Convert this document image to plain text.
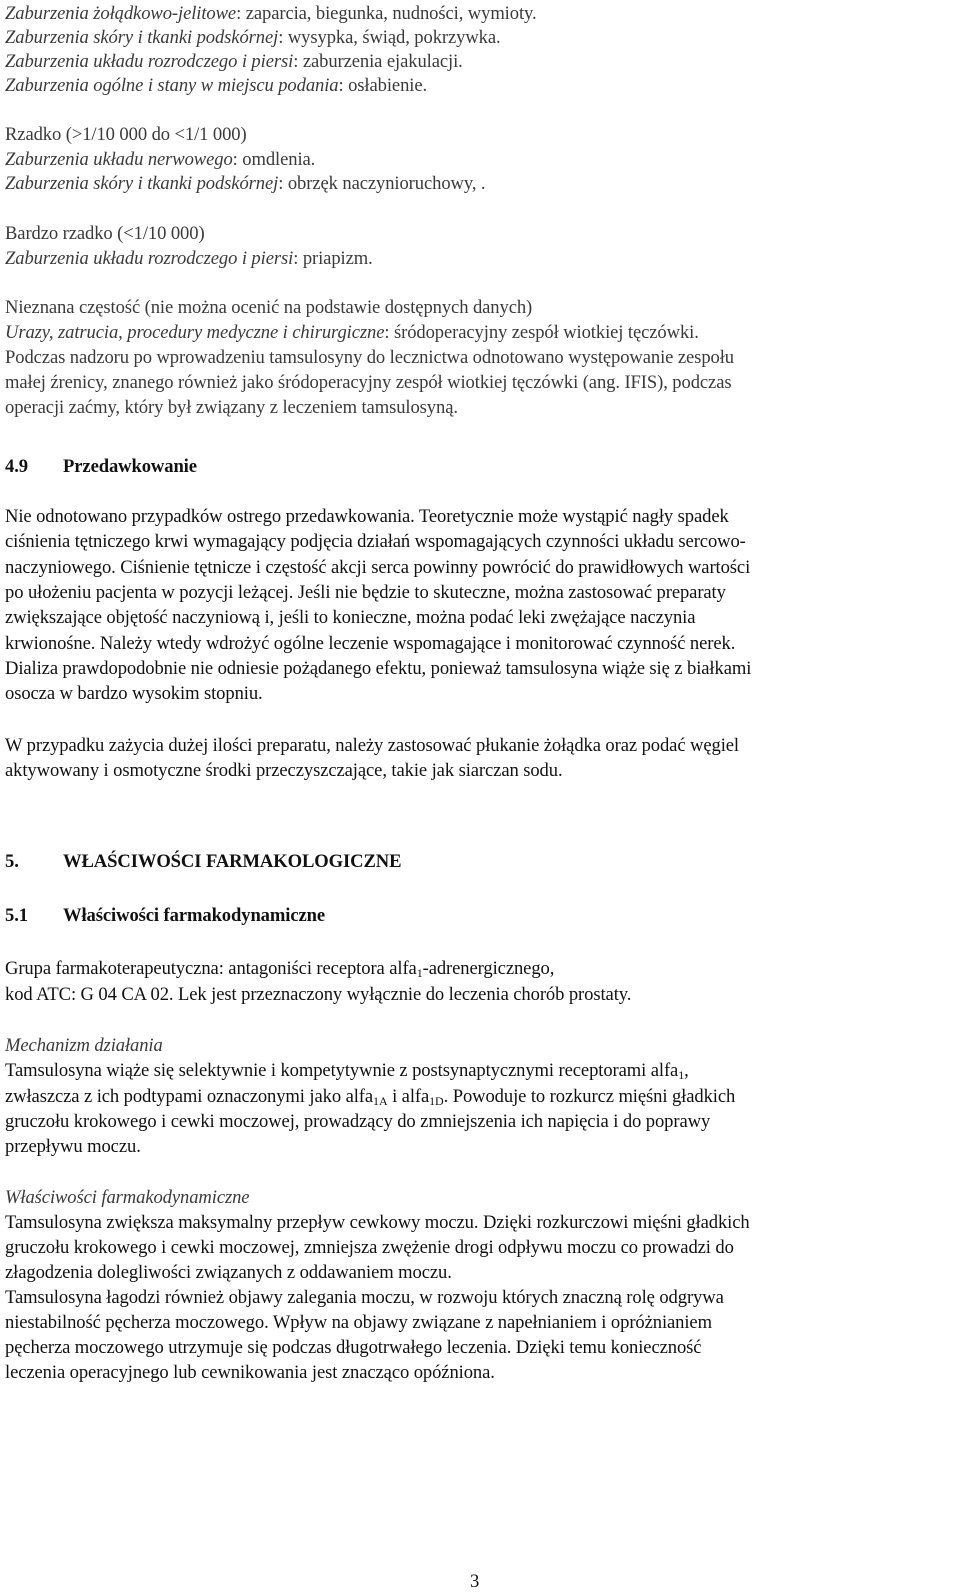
Zaburzenia żołądkowo-jelitowe: zaparcia, biegunka, nudności, wymioty.
Zaburzenia skóry i tkanki podskórnej: wysypka, świąd, pokrzywka.
Zaburzenia układu rozrodczego i piersi: zaburzenia ejakulacji.
Zaburzenia ogólne i stany w miejscu podania: osłabienie.
Rzadko (>1/10 000 do <1/1 000)
Zaburzenia układu nerwowego: omdlenia.
Zaburzenia skóry i tkanki podskórnej: obrzęk naczynioruchowy, .
Bardzo rzadko (<1/10 000)
Zaburzenia układu rozrodczego i piersi: priapizm.
Nieznana częstość (nie można ocenić na podstawie dostępnych danych)
Urazy, zatrucia, procedury medyczne i chirurgiczne: śródoperacyjny zespół wiotkiej tęczówki.
Podczas nadzoru po wprowadzeniu tamsulosyny do lecznictwa odnotowano występowanie zespołu
małej źrenicy, znanego również jako śródoperacyjny zespół wiotkiej tęczówki (ang. IFIS), podczas
operacji zaćmy, który był związany z leczeniem tamsulosyną.
4.9 Przedawkowanie
Nie odnotowano przypadków ostrego przedawkowania. Teoretycznie może wystąpić nagły spadek
ciśnienia tętniczego krwi wymagający podjęcia działań wspomagających czynności układu sercowo-
naczyniowego. Ciśnienie tętnicze i częstość akcji serca powinny powrócić do prawidłowych wartości
po ułożeniu pacjenta w pozycji leżącej. Jeśli nie będzie to skuteczne, można zastosować preparaty
zwiększające objętość naczyniową i, jeśli to konieczne, można podać leki zwężające naczynia
krwionośne. Należy wtedy wdrożyć ogólne leczenie wspomagające i monitorować czynność nerek.
Dializa prawdopodobnie nie odniesie pożądanego efektu, ponieważ tamsulosyna wiąże się z białkami
osocza w bardzo wysokim stopniu.
W przypadku zażycia dużej ilości preparatu, należy zastosować płukanie żołądka oraz podać węgiel
aktywowany i osmotyczne środki przeczyszczające, takie jak siarczan sodu.
5. WŁAŚCIWOŚCI FARMAKOLOGICZNE
5.1 Właściwości farmakodynamiczne
Grupa farmakoterapeutyczna: antagoniści receptora alfa$_1$-adrenergicznego,
kod ATC: G 04 CA 02. Lek jest przeznaczony wyłącznie do leczenia chorób prostaty.
Mechanizm działania
Tamsulosyna wiąże się selektywnie i kompetytywnie z postsynaptycznymi receptorami alfa$_1$,
zwłaszcza z ich podtypami oznaczonymi jako alfa$_{1A}$ i alfa$_{1D}$. Powoduje to rozkurcz mięśni gładkich
gruczołu krokowego i cewki moczowej, prowadzący do zmniejszenia ich napięcia i do poprawy
przepływu moczu.
Właściwości farmakodynamiczne
Tamsulosyna zwiększa maksymalny przepływ cewkowy moczu. Dzięki rozkurczowi mięśni gładkich
gruczołu krokowego i cewki moczowej, zmniejsza zwężenie drogi odpływu moczu co prowadzi do
złagodzenia dolegliwości związanych z oddawaniem moczu.
Tamsulosyna łagodzi również objawy zalegania moczu, w rozwoju których znaczną rolę odgrywa
niestabilność pęcherza moczowego. Wpływ na objawy związane z napełnianiem i opróżnianiem
pęcherza moczowego utrzymuje się podczas długotrwałego leczenia. Dzięki temu konieczność
leczenia operacyjnego lub cewnikowania jest znacząco opóźniona.
3
